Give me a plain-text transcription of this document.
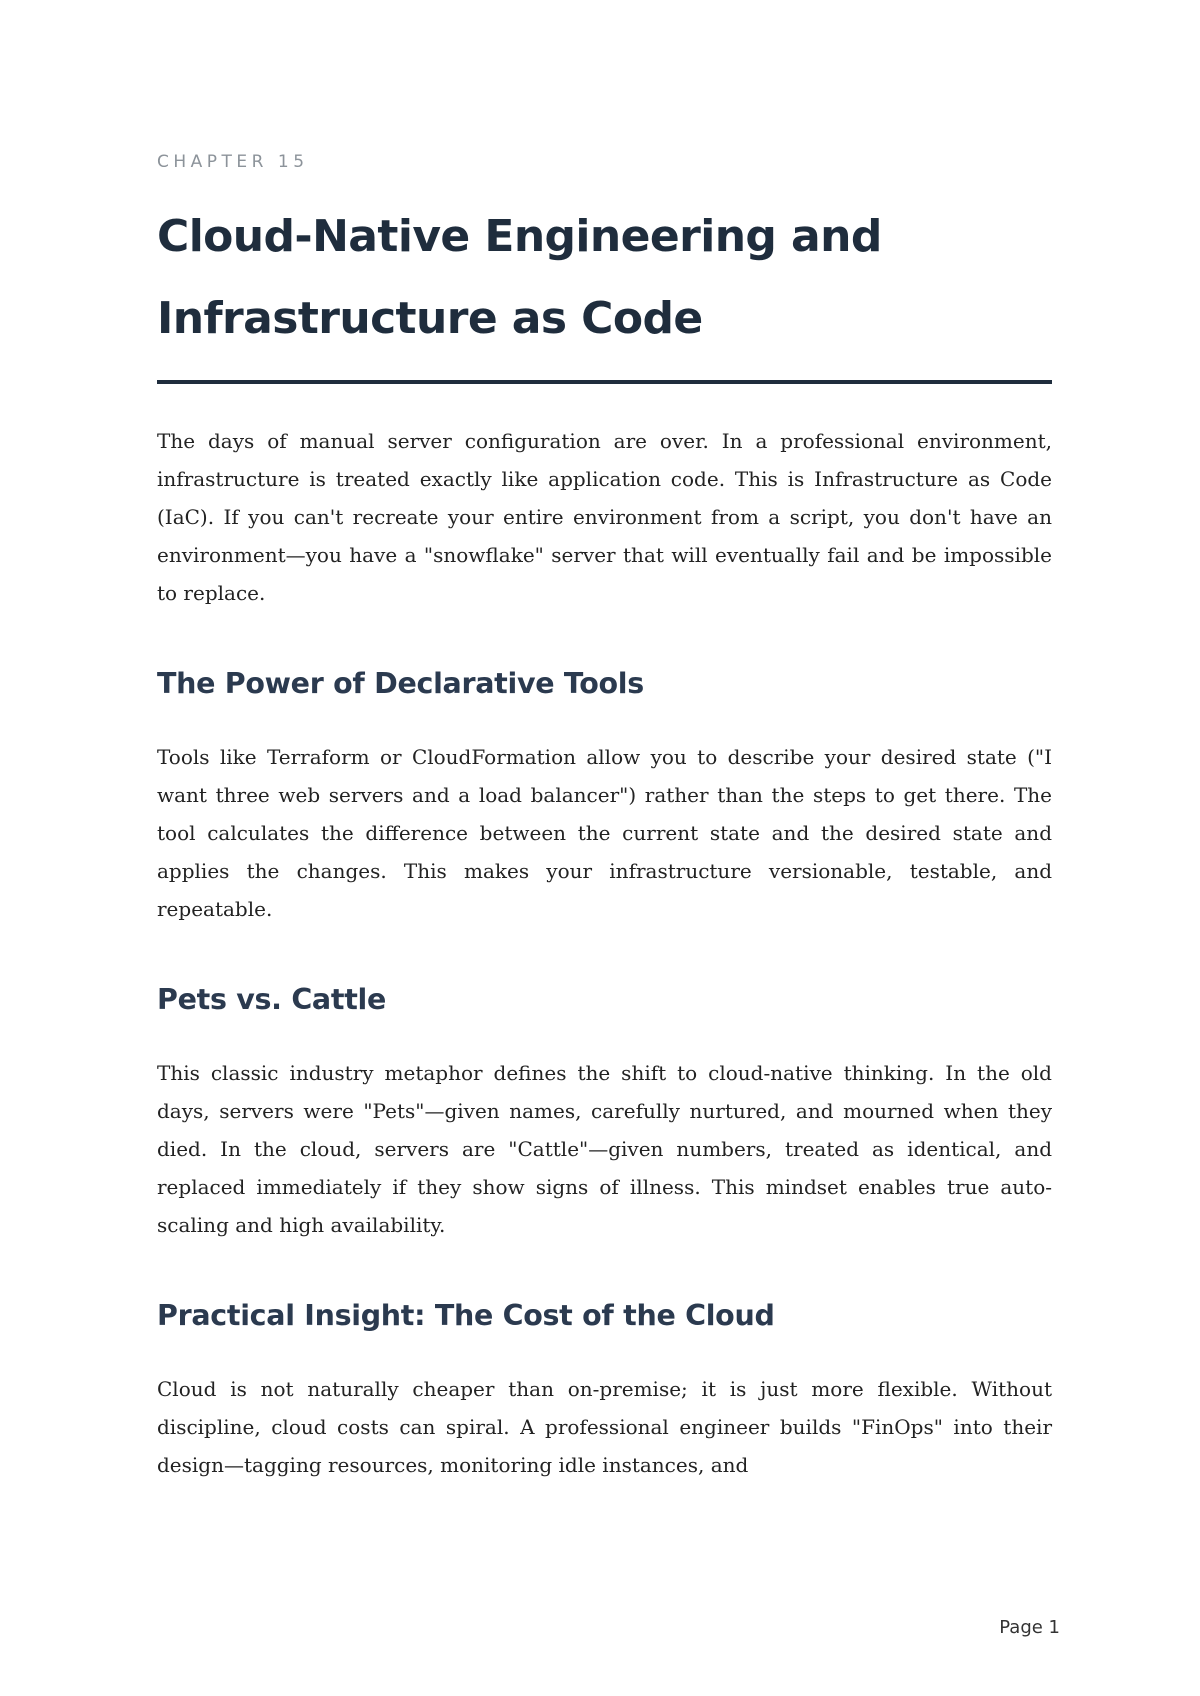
CHAPTER 15
Cloud-Native Engineering and
Infrastructure as Code

The days of manual server configuration are over. In a professional environment, infrastructure is treated exactly like application code. This is Infrastructure as Code (IaC). If you can't recreate your entire environment from a script, you don't have an environment—you have a "snowflake" server that will eventually fail and be impossible to replace.

The Power of Declarative Tools

Tools like Terraform or CloudFormation allow you to describe your desired state ("I want three web servers and a load balancer") rather than the steps to get there. The tool calculates the difference between the current state and the desired state and applies the changes. This makes your infrastructure versionable, testable, and repeatable.

Pets vs. Cattle

This classic industry metaphor defines the shift to cloud-native thinking. In the old days, servers were "Pets"—given names, carefully nurtured, and mourned when they died. In the cloud, servers are "Cattle"—given numbers, treated as identical, and replaced immediately if they show signs of illness. This mindset enables true auto-scaling and high availability.

Practical Insight: The Cost of the Cloud

Cloud is not naturally cheaper than on-premise; it is just more flexible. Without discipline, cloud costs can spiral. A professional engineer builds "FinOps" into their design—tagging resources, monitoring idle instances, and

Page 1
